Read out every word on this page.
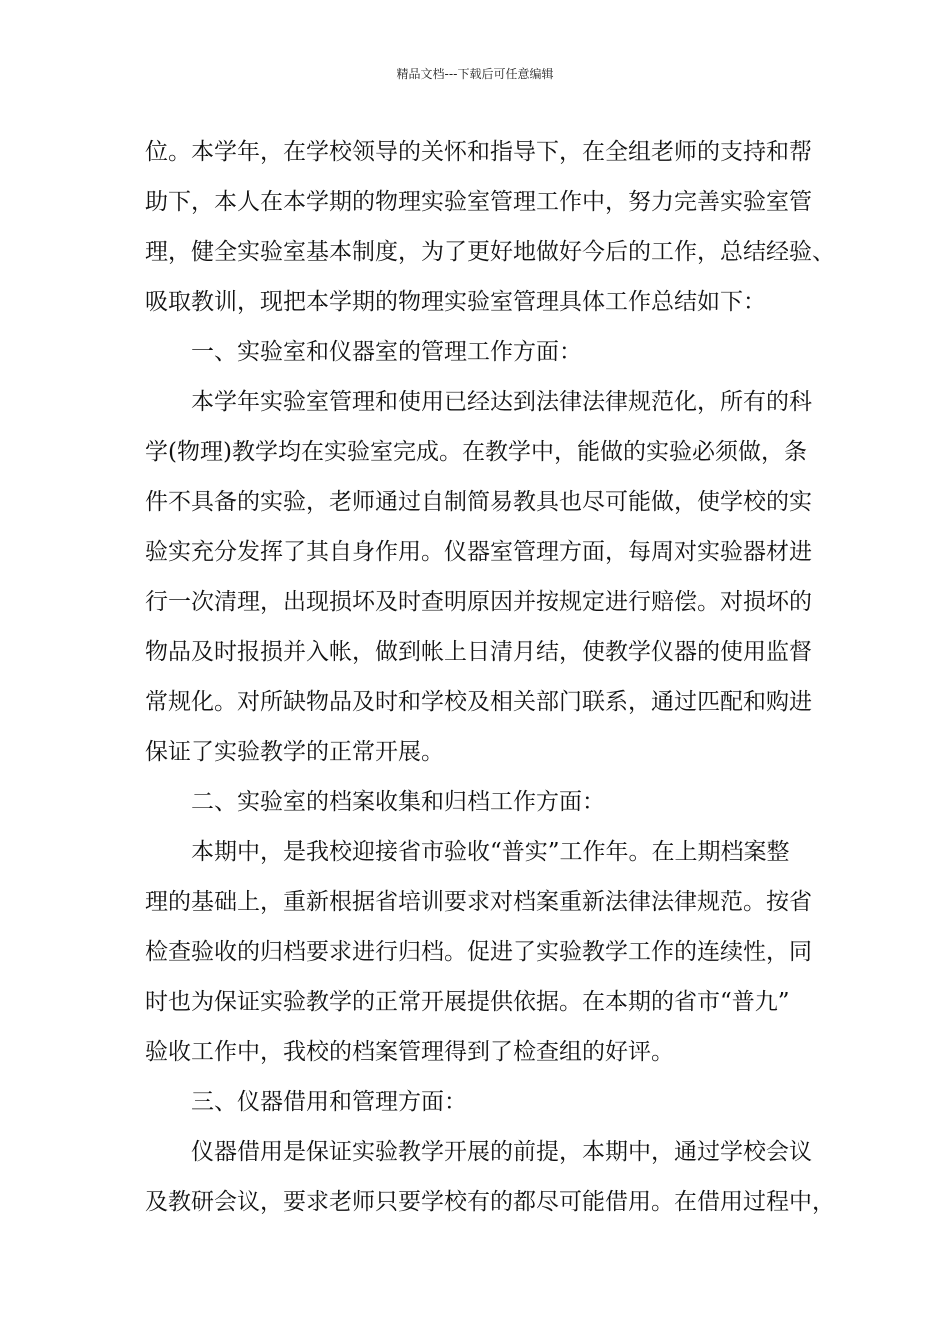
精品文档---下载后可任意编辑
位。本学年，在学校领导的关怀和指导下，在全组老师的支持和帮
助下，本人在本学期的物理实验室管理工作中，努力完善实验室管
理，健全实验室基本制度，为了更好地做好今后的工作，总结经验、
吸取教训，现把本学期的物理实验室管理具体工作总结如下：
一、实验室和仪器室的管理工作方面：
本学年实验室管理和使用已经达到法律法律规范化，所有的科
学(物理)教学均在实验室完成。在教学中，能做的实验必须做，条
件不具备的实验，老师通过自制简易教具也尽可能做，使学校的实
验实充分发挥了其自身作用。仪器室管理方面，每周对实验器材进
行一次清理，出现损坏及时查明原因并按规定进行赔偿。对损坏的
物品及时报损并入帐，做到帐上日清月结，使教学仪器的使用监督
常规化。对所缺物品及时和学校及相关部门联系，通过匹配和购进
保证了实验教学的正常开展。
二、实验室的档案收集和归档工作方面：
本期中，是我校迎接省市验收“普实”工作年。在上期档案整
理的基础上，重新根据省培训要求对档案重新法律法律规范。按省
检查验收的归档要求进行归档。促进了实验教学工作的连续性，同
时也为保证实验教学的正常开展提供依据。在本期的省市“普九”
验收工作中，我校的档案管理得到了检查组的好评。
三、仪器借用和管理方面：
仪器借用是保证实验教学开展的前提，本期中，通过学校会议
及教研会议，要求老师只要学校有的都尽可能借用。在借用过程中，
